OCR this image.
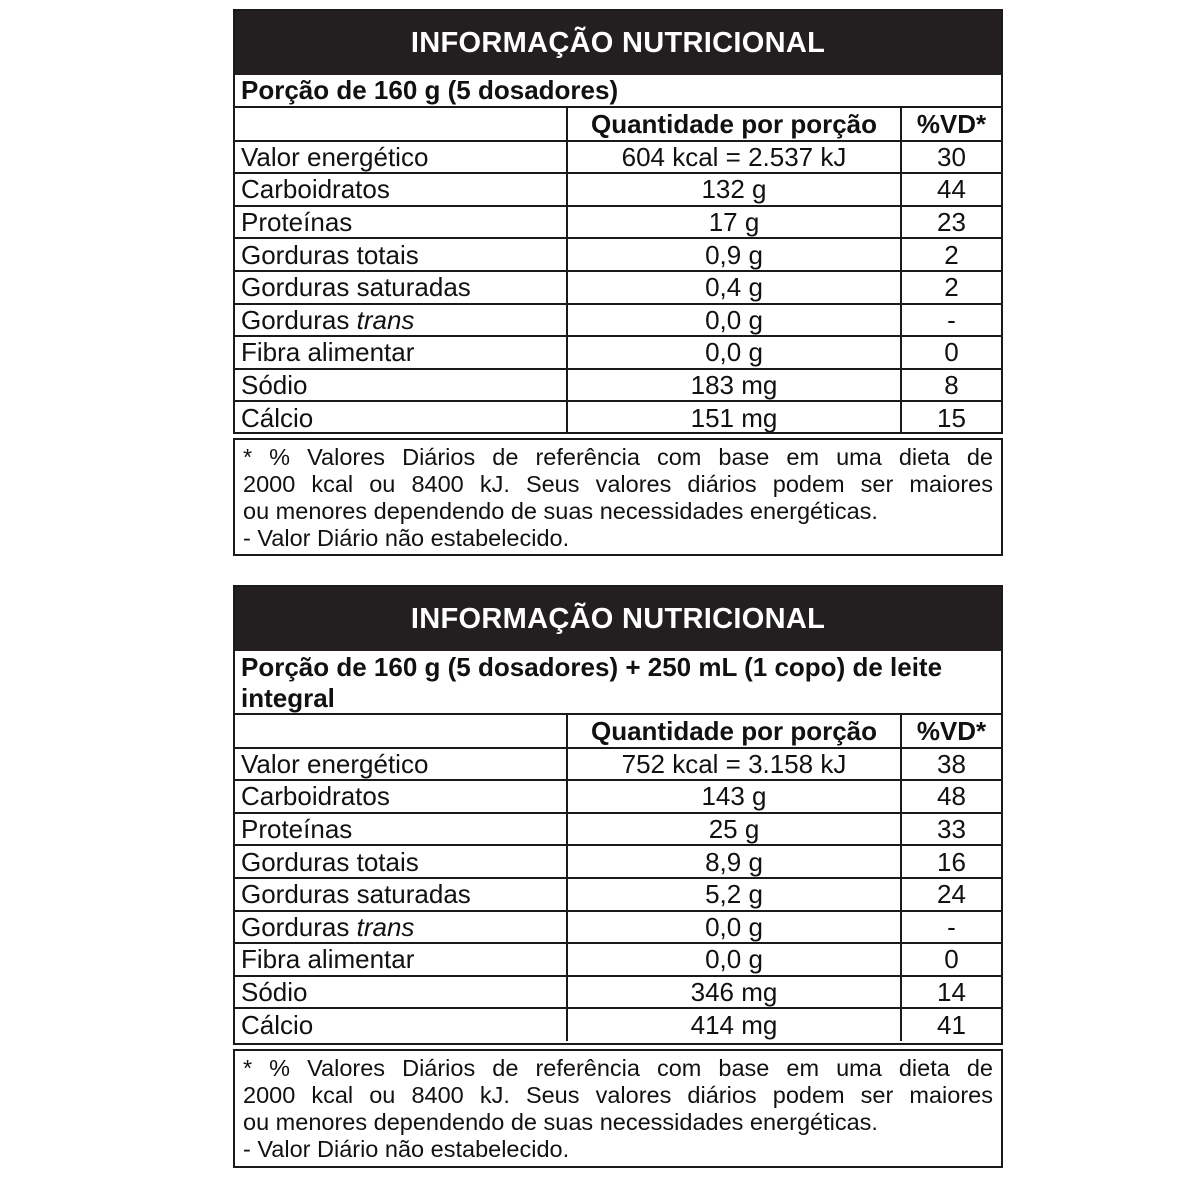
INFORMAÇÃO NUTRICIONAL
Porção de 160 g (5 dosadores)
	Quantidade por porção	%VD*
Valor energético	604 kcal = 2.537 kJ	30
Carboidratos	132 g	44
Proteínas	17 g	23
Gorduras totais	0,9 g	2
Gorduras saturadas	0,4 g	2
Gorduras trans	0,0 g	-
Fibra alimentar	0,0 g	0
Sódio	183 mg	8
Cálcio	151 mg	15
* % Valores Diários de referência com base em uma dieta de
2000 kcal ou 8400 kJ. Seus valores diários podem ser maiores
ou menores dependendo de suas necessidades energéticas.
- Valor Diário não estabelecido.
INFORMAÇÃO NUTRICIONAL
Porção de 160 g (5 dosadores) + 250 mL (1 copo) de leite integral
	Quantidade por porção	%VD*
Valor energético	752 kcal = 3.158 kJ	38
Carboidratos	143 g	48
Proteínas	25 g	33
Gorduras totais	8,9 g	16
Gorduras saturadas	5,2 g	24
Gorduras trans	0,0 g	-
Fibra alimentar	0,0 g	0
Sódio	346 mg	14
Cálcio	414 mg	41
* % Valores Diários de referência com base em uma dieta de
2000 kcal ou 8400 kJ. Seus valores diários podem ser maiores
ou menores dependendo de suas necessidades energéticas.
- Valor Diário não estabelecido.
